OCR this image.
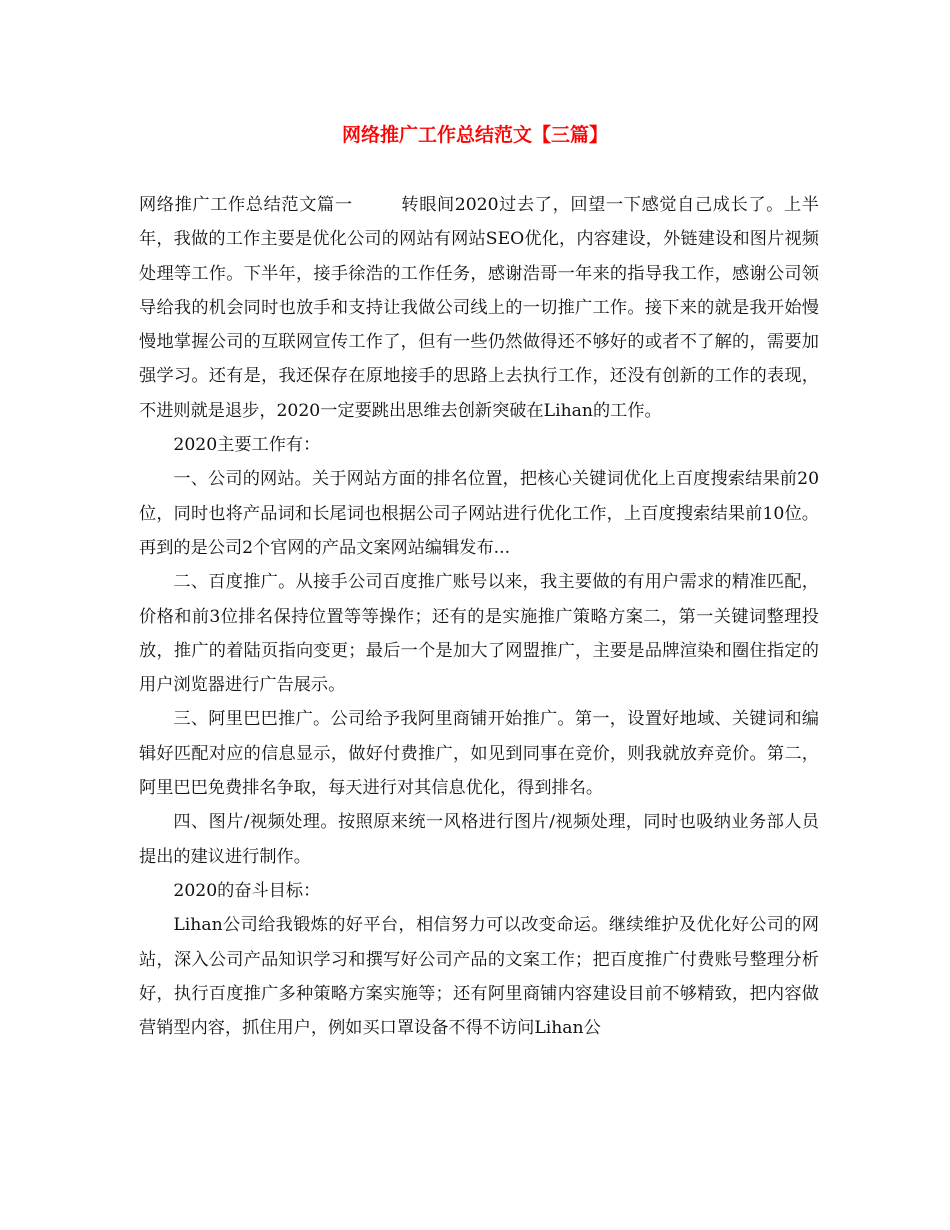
网络推广工作总结范文【三篇】

网络推广工作总结范文篇一	转眼间2020过去了，回望一下感觉自己成长了。上半年，我做的工作主要是优化公司的网站有网站SEO优化，内容建设，外链建设和图片视频处理等工作。下半年，接手徐浩的工作任务，感谢浩哥一年来的指导我工作，感谢公司领导给我的机会同时也放手和支持让我做公司线上的一切推广工作。接下来的就是我开始慢慢地掌握公司的互联网宣传工作了，但有一些仍然做得还不够好的或者不了解的，需要加强学习。还有是，我还保存在原地接手的思路上去执行工作，还没有创新的工作的表现，不进则就是退步，2020一定要跳出思维去创新突破在Lihan的工作。

2020主要工作有：

一、公司的网站。关于网站方面的排名位置，把核心关键词优化上百度搜索结果前20位，同时也将产品词和长尾词也根据公司子网站进行优化工作，上百度搜索结果前10位。再到的是公司2个官网的产品文案网站编辑发布...

二、百度推广。从接手公司百度推广账号以来，我主要做的有用户需求的精准匹配，价格和前3位排名保持位置等等操作；还有的是实施推广策略方案二，第一关键词整理投放，推广的着陆页指向变更；最后一个是加大了网盟推广，主要是品牌渲染和圈住指定的用户浏览器进行广告展示。

三、阿里巴巴推广。公司给予我阿里商铺开始推广。第一，设置好地域、关键词和编辑好匹配对应的信息显示，做好付费推广，如见到同事在竞价，则我就放弃竞价。第二，阿里巴巴免费排名争取，每天进行对其信息优化，得到排名。

四、图片/视频处理。按照原来统一风格进行图片/视频处理，同时也吸纳业务部人员提出的建议进行制作。

2020的奋斗目标：

Lihan公司给我锻炼的好平台，相信努力可以改变命运。继续维护及优化好公司的网站，深入公司产品知识学习和撰写好公司产品的文案工作；把百度推广付费账号整理分析好，执行百度推广多种策略方案实施等；还有阿里商铺内容建设目前不够精致，把内容做营销型内容，抓住用户，例如买口罩设备不得不访问Lihan公
